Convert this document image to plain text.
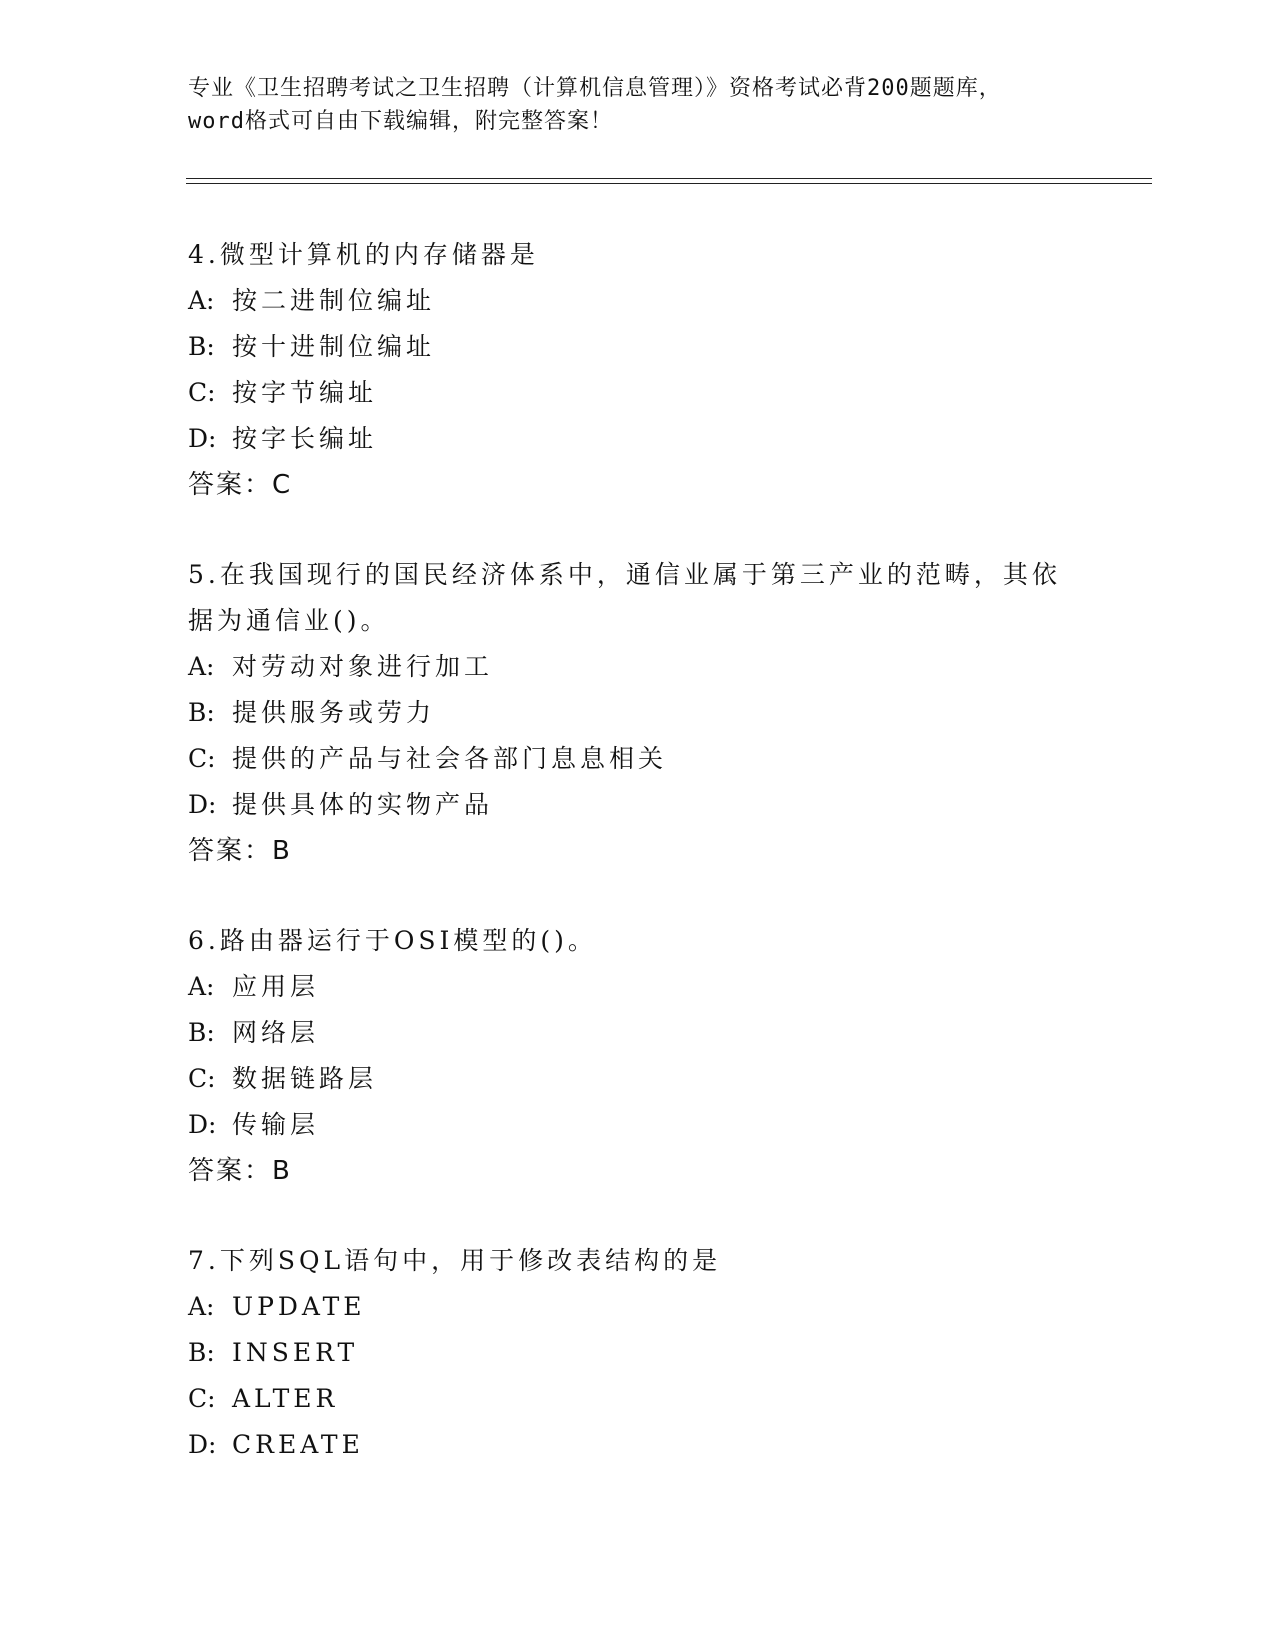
专业《卫生招聘考试之卫生招聘（计算机信息管理）》资格考试必背200题题库，
word格式可自由下载编辑，附完整答案！
4.微型计算机的内存储器是
A: 按二进制位编址
B: 按十进制位编址
C: 按字节编址
D: 按字长编址
答案：C
5.在我国现行的国民经济体系中，通信业属于第三产业的范畴，其依据为通信业()。
A: 对劳动对象进行加工
B: 提供服务或劳力
C: 提供的产品与社会各部门息息相关
D: 提供具体的实物产品
答案：B
6.路由器运行于OSI模型的()。
A: 应用层
B: 网络层
C: 数据链路层
D: 传输层
答案：B
7.下列SQL语句中，用于修改表结构的是
A: UPDATE
B: INSERT
C: ALTER
D: CREATE
